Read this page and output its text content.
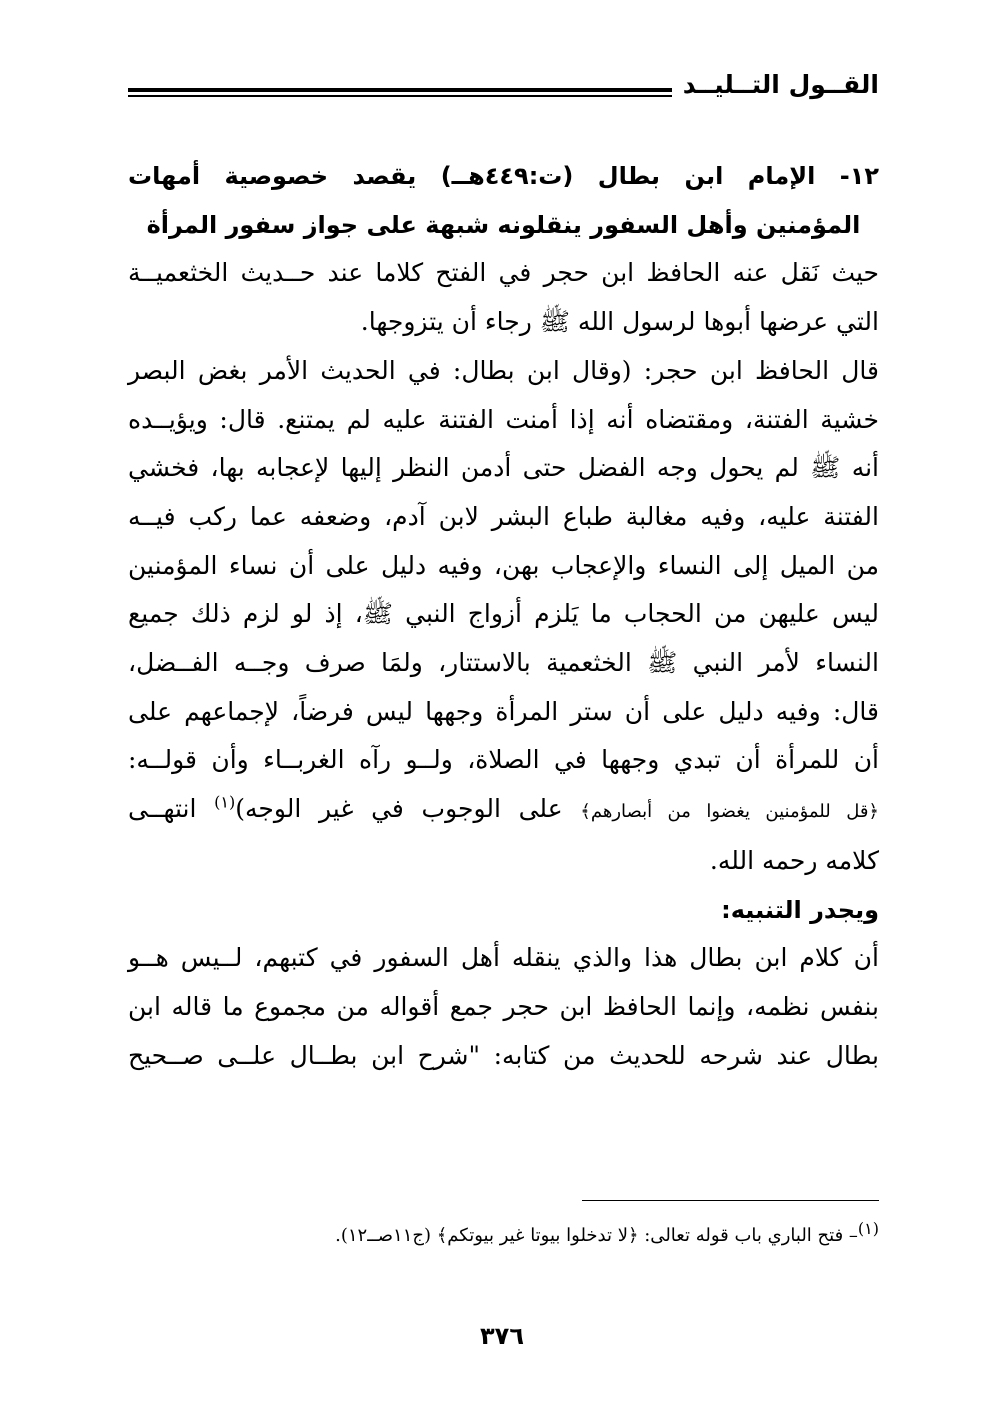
القــول التــليــد

١٢- الإمام ابن بطال (ت:٤٤٩هــ) يقصد خصوصية أمهات

المؤمنين وأهل السفور ينقلونه شبهة على جواز سفور المرأة

حيث نَقل عنه الحافظ ابن حجر في الفتح كلاما عند حــديث الخثعميــة

التي عرضها أبوها لرسول الله ﷺ رجاء أن يتزوجها.

قال الحافظ ابن حجر: (وقال ابن بطال: في الحديث الأمر بغض البصر

خشية الفتنة، ومقتضاه أنه إذا أمنت الفتنة عليه لم يمتنع. قال: ويؤيــده

أنه ﷺ لم يحول وجه الفضل حتى أدمن النظر إليها لإعجابه بها، فخشي

الفتنة عليه، وفيه مغالبة طباع البشر لابن آدم، وضعفه عما ركب فيــه

من الميل إلى النساء والإعجاب بهن، وفيه دليل على أن نساء المؤمنين

ليس عليهن من الحجاب ما يَلزم أزواج النبي ﷺ، إذ لو لزم ذلك جميع

النساء لأمر النبي ﷺ الخثعمية بالاستتار، ولمَا صرف وجــه الفــضل،

قال: وفيه دليل على أن ستر المرأة وجهها ليس فرضاً، لإجماعهم على

أن للمرأة أن تبدي وجهها في الصلاة، ولــو رآه الغربــاء وأن قولــه:

﴿قل للمؤمنين يغضوا من أبصارهم﴾ على الوجوب في غير الوجه)$^{(١)}$ انتهــى

كلامه رحمه الله.

ويجدر التنبيه:

أن كلام ابن بطال هذا والذي ينقله أهل السفور في كتبهم، لــيس هــو

بنفس نظمه، وإنما الحافظ ابن حجر جمع أقواله من مجموع ما قاله ابن

بطال عند شرحه للحديث من كتابه: "شرح ابن بطــال علــى صــحيح

$^{(١)}$– فتح الباري باب قوله تعالى: ﴿لا تدخلوا بيوتا غير بيوتكم﴾ (ج١١صــ١٢).
٣٧٦
